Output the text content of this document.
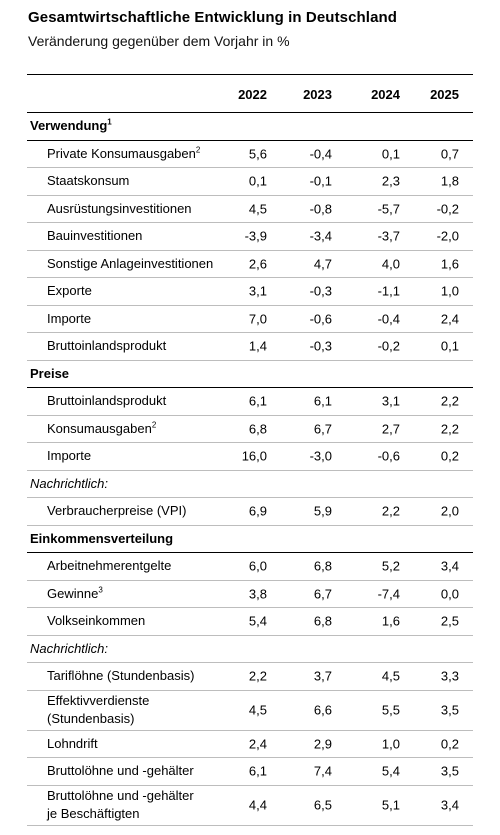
Gesamtwirtschaftliche Entwicklung in Deutschland
Veränderung gegenüber dem Vorjahr in %
2022	2023	2024	2025
Verwendung$^1$
Private Konsumausgaben$^2$	5,6	-0,4	0,1	0,7
Staatskonsum	0,1	-0,1	2,3	1,8
Ausrüstungsinvestitionen	4,5	-0,8	-5,7	-0,2
Bauinvestitionen	-3,9	-3,4	-3,7	-2,0
Sonstige Anlageinvestitionen	2,6	4,7	4,0	1,6
Exporte	3,1	-0,3	-1,1	1,0
Importe	7,0	-0,6	-0,4	2,4
Bruttoinlandsprodukt	1,4	-0,3	-0,2	0,1
Preise
Bruttoinlandsprodukt	6,1	6,1	3,1	2,2
Konsumausgaben$^2$	6,8	6,7	2,7	2,2
Importe	16,0	-3,0	-0,6	0,2
Nachrichtlich:
Verbraucherpreise (VPI)	6,9	5,9	2,2	2,0
Einkommensverteilung
Arbeitnehmerentgelte	6,0	6,8	5,2	3,4
Gewinne$^3$	3,8	6,7	-7,4	0,0
Volkseinkommen	5,4	6,8	1,6	2,5
Nachrichtlich:
Tariflöhne (Stundenbasis)	2,2	3,7	4,5	3,3
Effektivverdienste
(Stundenbasis)
4,5	6,6	5,5	3,5
Lohndrift	2,4	2,9	1,0	0,2
Bruttolöhne und -gehälter	6,1	7,4	5,4	3,5
Bruttolöhne und -gehälter
je Beschäftigten
4,4	6,5	5,1	3,4
